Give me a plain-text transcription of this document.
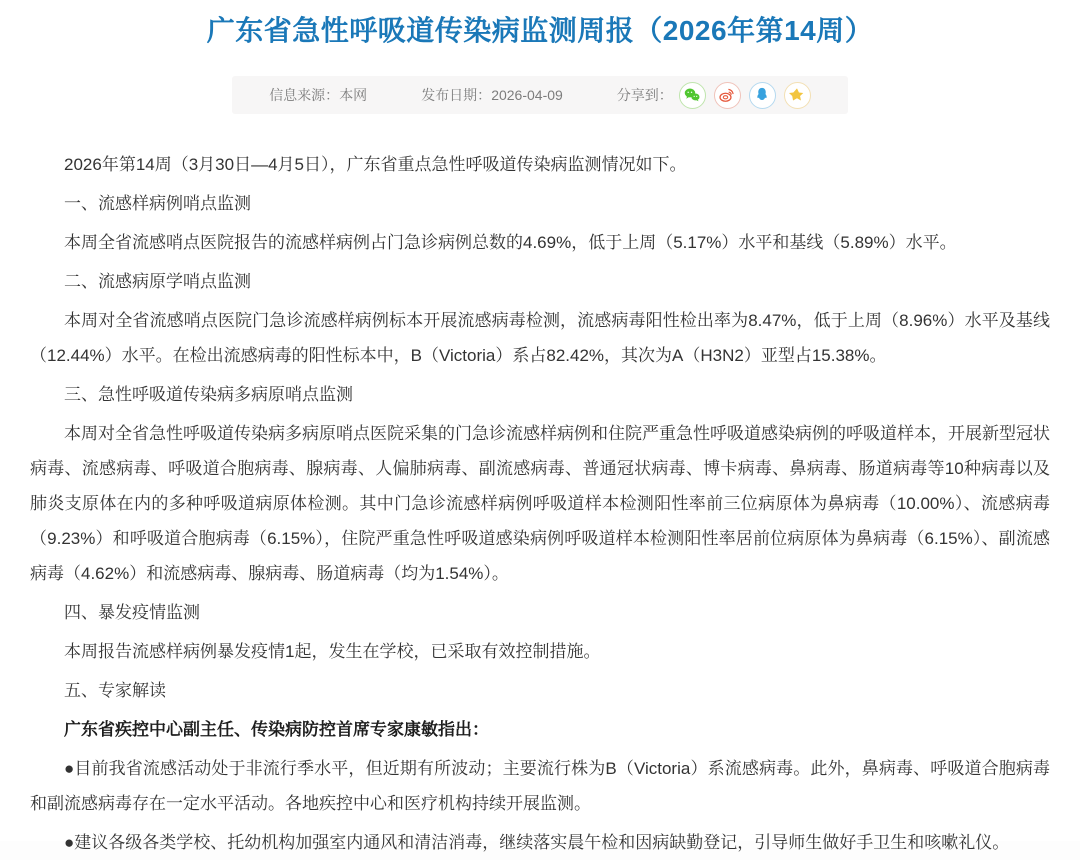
广东省急性呼吸道传染病监测周报（2026年第14周）
信息来源： 本网	发布日期： 2026-04-09	分享到：

2026年第14周（3月30日—4月5日），广东省重点急性呼吸道传染病监测情况如下。

一、流感样病例哨点监测

本周全省流感哨点医院报告的流感样病例占门急诊病例总数的4.69%，低于上周（5.17%）水平和基线（5.89%）水平。

二、流感病原学哨点监测

本周对全省流感哨点医院门急诊流感样病例标本开展流感病毒检测，流感病毒阳性检出率为8.47%，低于上周（8.96%）水平及基线（12.44%）水平。在检出流感病毒的阳性标本中，B（Victoria）系占82.42%，其次为A（H3N2）亚型占15.38%。

三、急性呼吸道传染病多病原哨点监测

本周对全省急性呼吸道传染病多病原哨点医院采集的门急诊流感样病例和住院严重急性呼吸道感染病例的呼吸道样本，开展新型冠状病毒、流感病毒、呼吸道合胞病毒、腺病毒、人偏肺病毒、副流感病毒、普通冠状病毒、博卡病毒、鼻病毒、肠道病毒等10种病毒以及肺炎支原体在内的多种呼吸道病原体检测。其中门急诊流感样病例呼吸道样本检测阳性率前三位病原体为鼻病毒（10.00%）、流感病毒（9.23%）和呼吸道合胞病毒（6.15%），住院严重急性呼吸道感染病例呼吸道样本检测阳性率居前位病原体为鼻病毒（6.15%）、副流感病毒（4.62%）和流感病毒、腺病毒、肠道病毒（均为1.54%）。

四、暴发疫情监测

本周报告流感样病例暴发疫情1起，发生在学校，已采取有效控制措施。

五、专家解读

广东省疾控中心副主任、传染病防控首席专家康敏指出：

●目前我省流感活动处于非流行季水平，但近期有所波动；主要流行株为B（Victoria）系流感病毒。此外，鼻病毒、呼吸道合胞病毒和副流感病毒存在一定水平活动。各地疾控中心和医疗机构持续开展监测。

●建议各级各类学校、托幼机构加强室内通风和清洁消毒，继续落实晨午检和因病缺勤登记，引导师生做好手卫生和咳嗽礼仪。
